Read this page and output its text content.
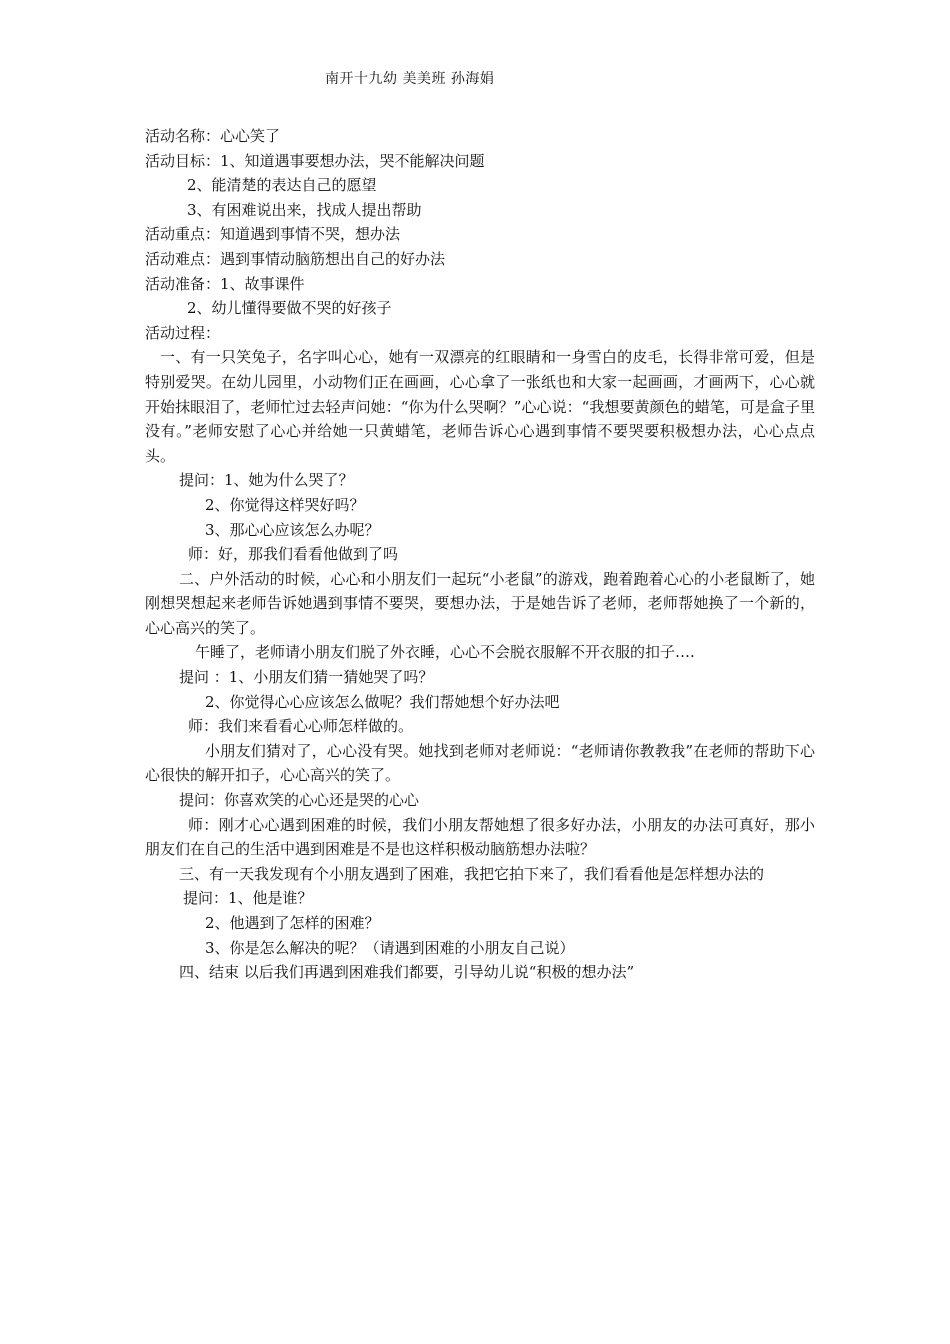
南开十九幼 美美班 孙海娟
活动名称：心心笑了
活动目标：1、知道遇事要想办法，哭不能解决问题
2、能清楚的表达自己的愿望
3、有困难说出来，找成人提出帮助
活动重点：知道遇到事情不哭，想办法
活动难点：遇到事情动脑筋想出自己的好办法
活动准备：1、故事课件
2、幼儿懂得要做不哭的好孩子
活动过程：
一、有一只笑兔子，名字叫心心，她有一双漂亮的红眼睛和一身雪白的皮毛，长得非常可爱，但是特别爱哭。在幼儿园里，小动物们正在画画，心心拿了一张纸也和大家一起画画，才画两下，心心就开始抹眼泪了，老师忙过去轻声问她：“你为什么哭啊？”心心说：“我想要黄颜色的蜡笔，可是盒子里没有。”老师安慰了心心并给她一只黄蜡笔，老师告诉心心遇到事情不要哭要积极想办法，心心点点头。
提问：1、她为什么哭了？
2、你觉得这样哭好吗？
3、那心心应该怎么办呢？
师：好，那我们看看他做到了吗
二、户外活动的时候，心心和小朋友们一起玩“小老鼠”的游戏，跑着跑着心心的小老鼠断了，她刚想哭想起来老师告诉她遇到事情不要哭，要想办法，于是她告诉了老师，老师帮她换了一个新的，心心高兴的笑了。
午睡了，老师请小朋友们脱了外衣睡，心心不会脱衣服解不开衣服的扣子….
提问 ：1、小朋友们猜一猜她哭了吗？
2、你觉得心心应该怎么做呢？我们帮她想个好办法吧
师：我们来看看心心师怎样做的。
小朋友们猜对了，心心没有哭。她找到老师对老师说：“老师请你教教我”在老师的帮助下心心很快的解开扣子，心心高兴的笑了。
提问：你喜欢笑的心心还是哭的心心
师：刚才心心遇到困难的时候，我们小朋友帮她想了很多好办法，小朋友的办法可真好，那小朋友们在自己的生活中遇到困难是不是也这样积极动脑筋想办法啦？
三、有一天我发现有个小朋友遇到了困难，我把它拍下来了，我们看看他是怎样想办法的
提问：1、他是谁？
2、他遇到了怎样的困难？
3、你是怎么解决的呢？（请遇到困难的小朋友自己说）
四、结束 以后我们再遇到困难我们都要，引导幼儿说“积极的想办法”
